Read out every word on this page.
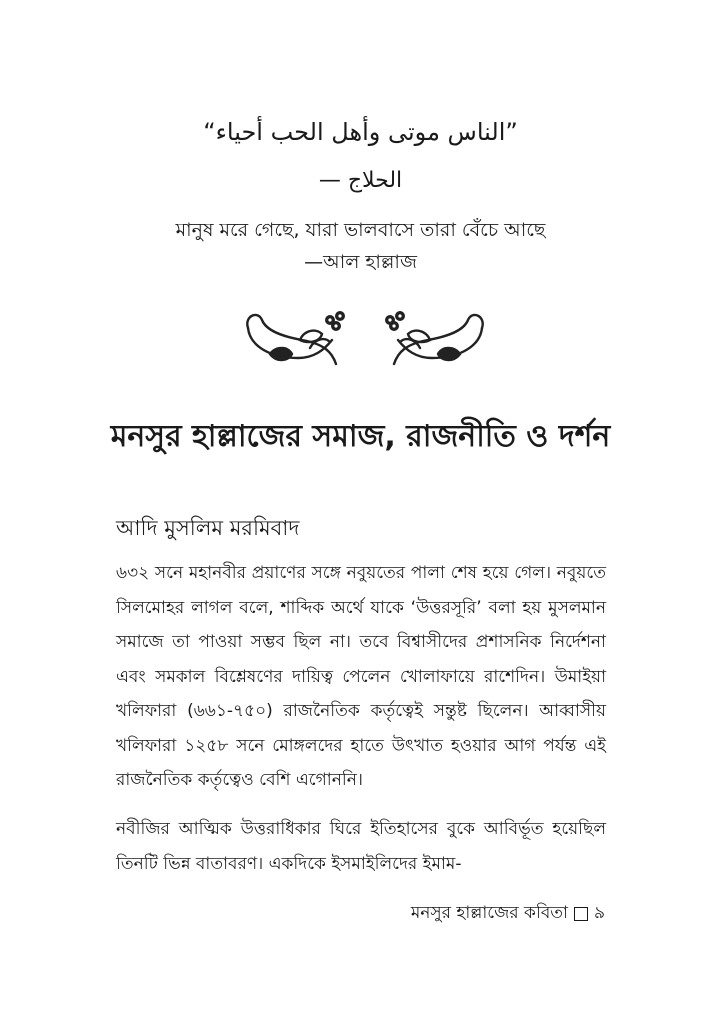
”الناس موتى وأهل الحب أحياء“
الحلاج —
মানুষ মরে গেছে, যারা ভালবাসে তারা বেঁচে আছে
—আল হাল্লাজ
মনসুর হাল্লাজের সমাজ, রাজনীতি ও দর্শন
আদি মুসলিম মরমিবাদ
৬৩২ সনে মহানবীর প্রয়াণের সঙ্গে নবুয়তের পালা শেষ হয়ে গেল। নবুয়তে সিলমোহর লাগল বলে, শাব্দিক অর্থে যাকে ‘উত্তরসূরি’ বলা হয় মুসলমান সমাজে তা পাওয়া সম্ভব ছিল না। তবে বিশ্বাসীদের প্রশাসনিক নির্দেশনা এবং সমকাল বিশ্লেষণের দায়িত্ব পেলেন খোলাফায়ে রাশেদিন। উমাইয়া খলিফারা (৬৬১-৭৫০) রাজনৈতিক কর্তৃত্বেই সন্তুষ্ট ছিলেন। আব্বাসীয় খলিফারা ১২৫৮ সনে মোঙ্গলদের হাতে উৎখাত হওয়ার আগ পর্যন্ত এই রাজনৈতিক কর্তৃত্বেও বেশি এগোননি।
নবীজির আত্মিক উত্তরাধিকার ঘিরে ইতিহাসের বুকে আবির্ভূত হয়েছিল তিনটি ভিন্ন বাতাবরণ। একদিকে ইসমাইলিদের ইমাম-
মনসুর হাল্লাজের কবিতা ৯
